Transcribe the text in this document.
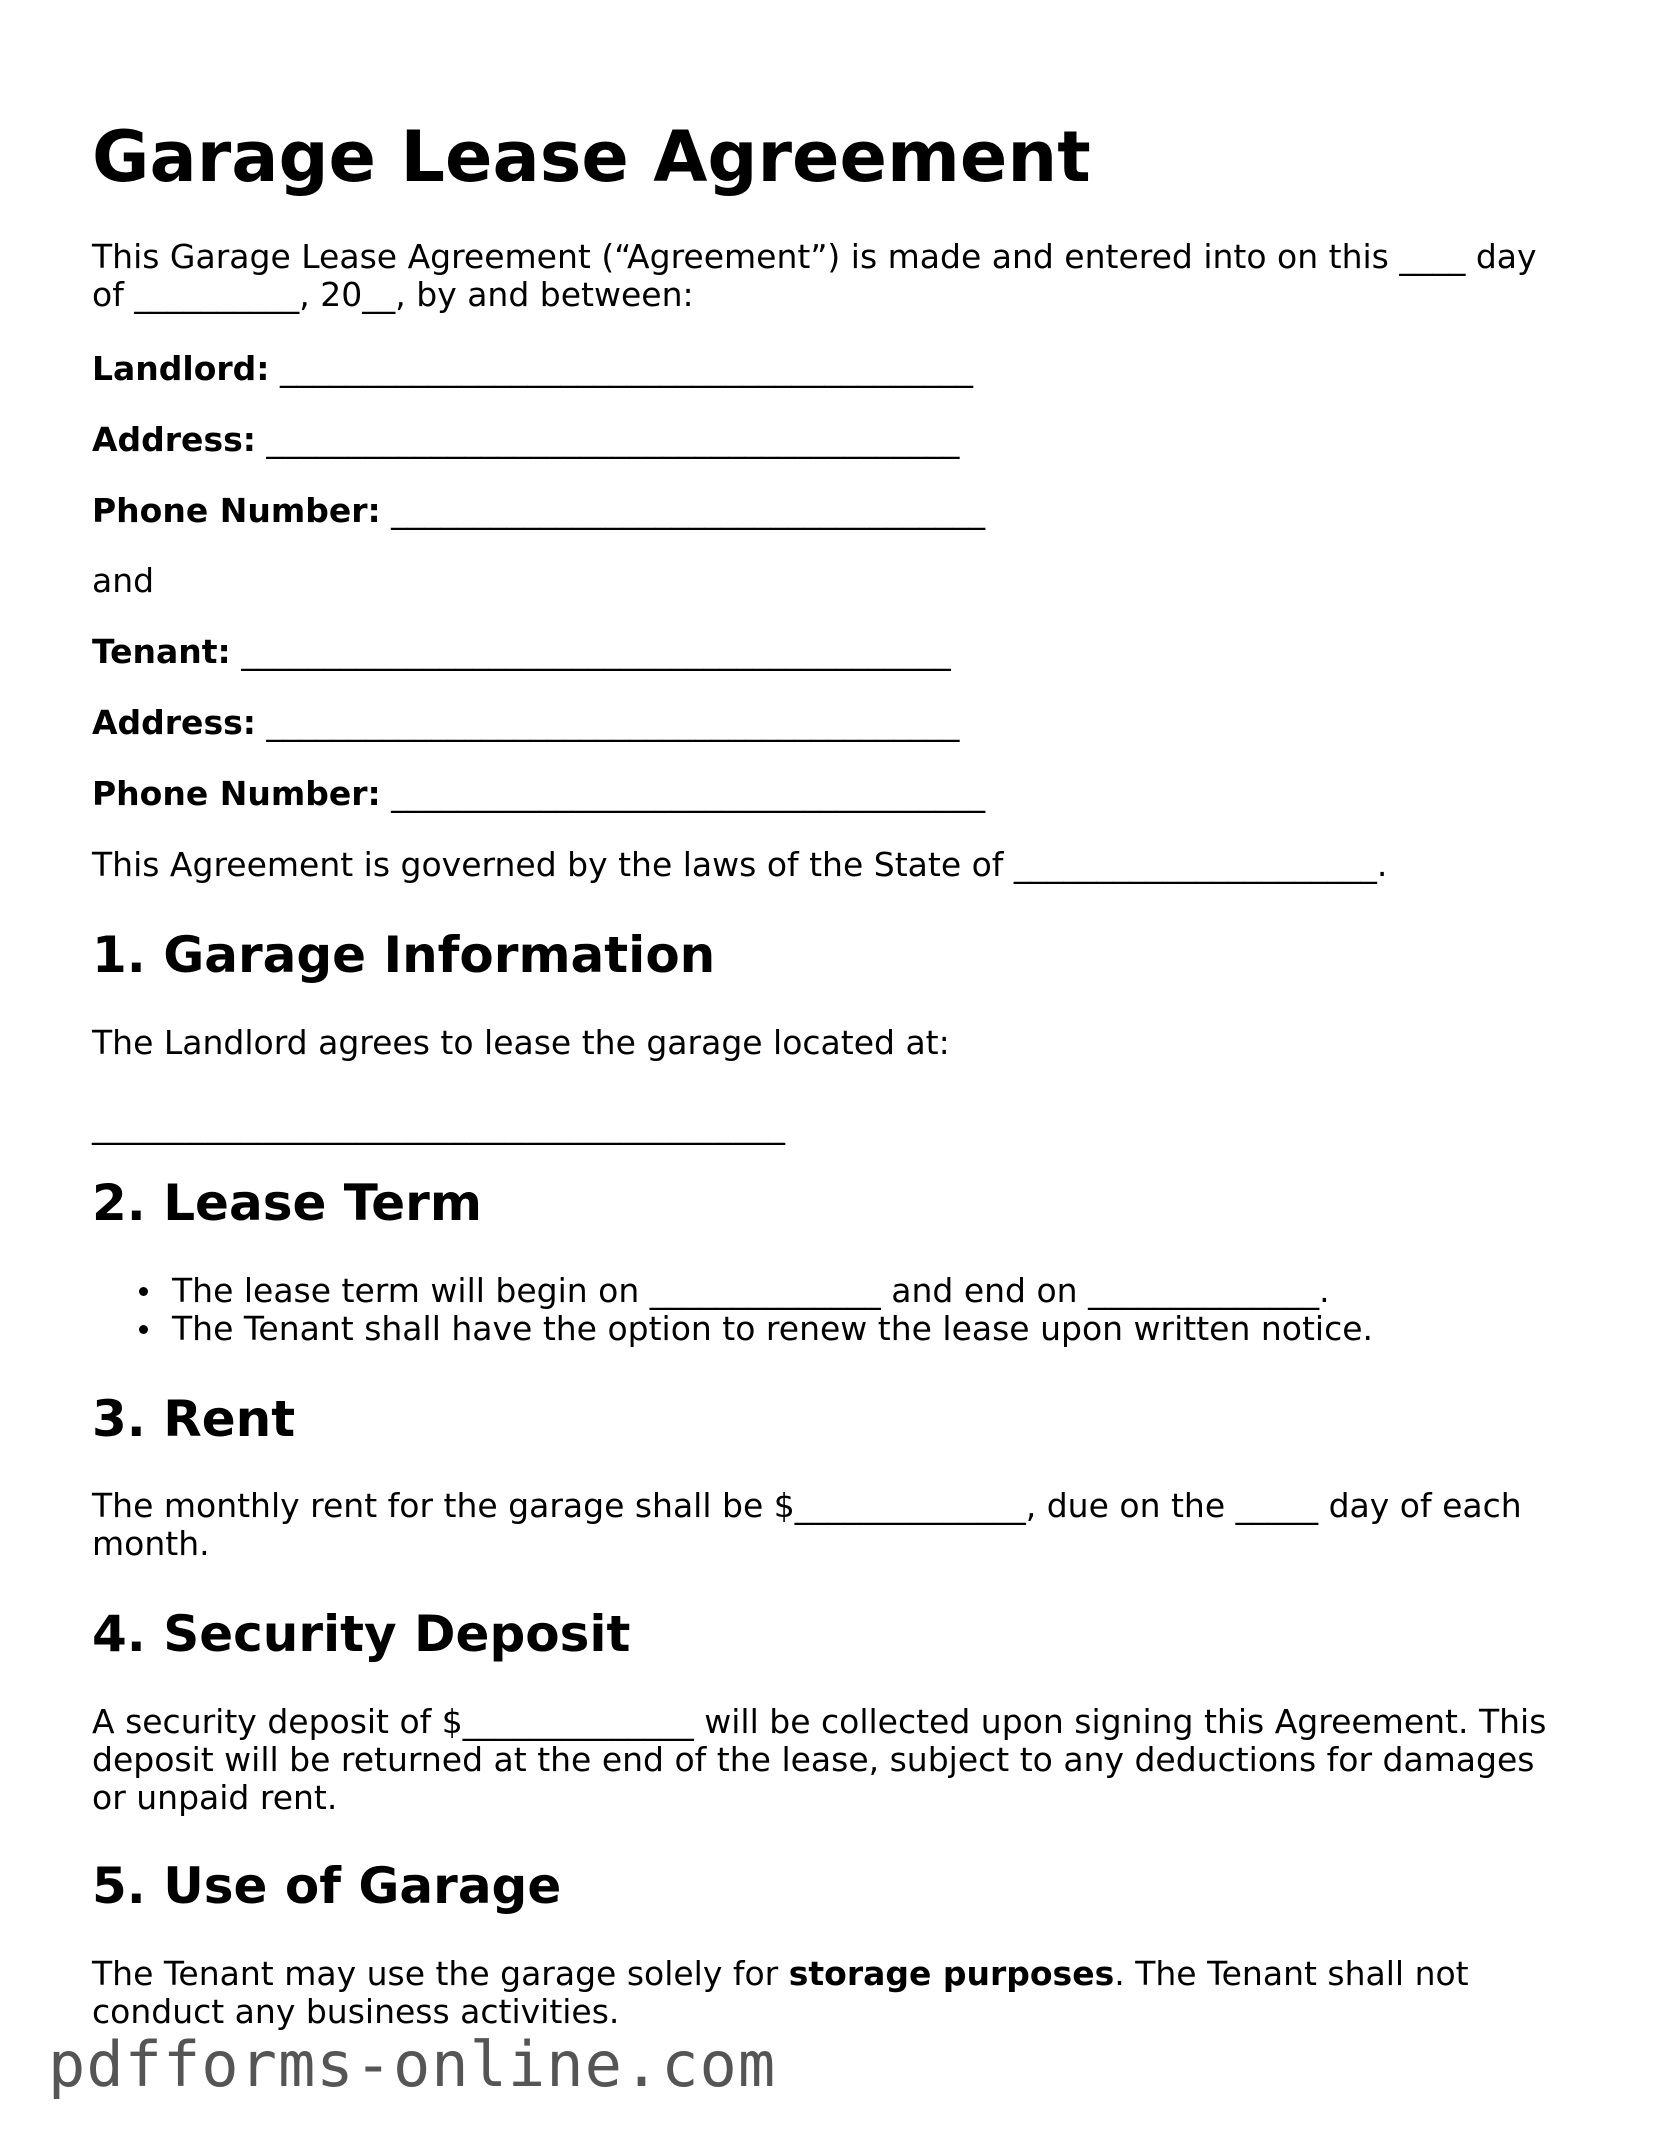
Garage Lease Agreement

This Garage Lease Agreement (“Agreement”) is made and entered into on this ____ day of __________, 20__, by and between:

Landlord: __________________________________________

Address: __________________________________________

Phone Number: ____________________________________

and

Tenant: ___________________________________________

Address: __________________________________________

Phone Number: ____________________________________

This Agreement is governed by the laws of the State of ______________________.

1. Garage Information

The Landlord agrees to lease the garage located at:

__________________________________________

2. Lease Term
The lease term will begin on ______________ and end on ______________.
The Tenant shall have the option to renew the lease upon written notice.
3. Rent

The monthly rent for the garage shall be $______________, due on the _____ day of each month.

4. Security Deposit

A security deposit of $______________ will be collected upon signing this Agreement. This deposit will be returned at the end of the lease, subject to any deductions for damages or unpaid rent.

5. Use of Garage

The Tenant may use the garage solely for storage purposes. The Tenant shall not conduct any business activities.

pdfforms-online.com
